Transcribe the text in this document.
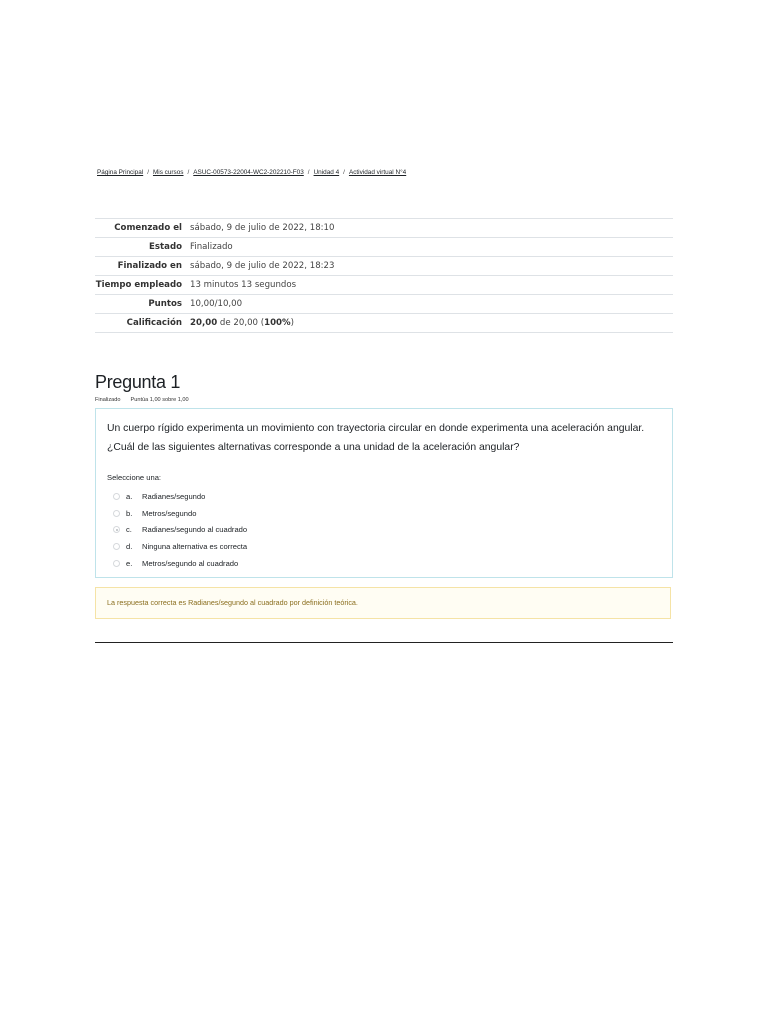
Página Principal / Mis cursos / ASUC-00573-22004-WC2-202210-F03 / Unidad 4 / Actividad virtual N°4
Comenzado el	sábado, 9 de julio de 2022, 18:10
Estado	Finalizado
Finalizado en	sábado, 9 de julio de 2022, 18:23
Tiempo empleado	13 minutos 13 segundos
Puntos	10,00/10,00
Calificación	20,00 de 20,00 (100%)
Pregunta 1
Finalizado Puntúa 1,00 sobre 1,00

Un cuerpo rígido experimenta un movimiento con trayectoria circular en donde experimenta una aceleración angular. ¿Cuál de las siguientes alternativas corresponde a una unidad de la aceleración angular?

Seleccione una:
a.	Radianes/segundo
b.	Metros/segundo
c.	Radianes/segundo al cuadrado
d.	Ninguna alternativa es correcta
e.	Metros/segundo al cuadrado
La respuesta correcta es Radianes/segundo al cuadrado por definición teórica.
